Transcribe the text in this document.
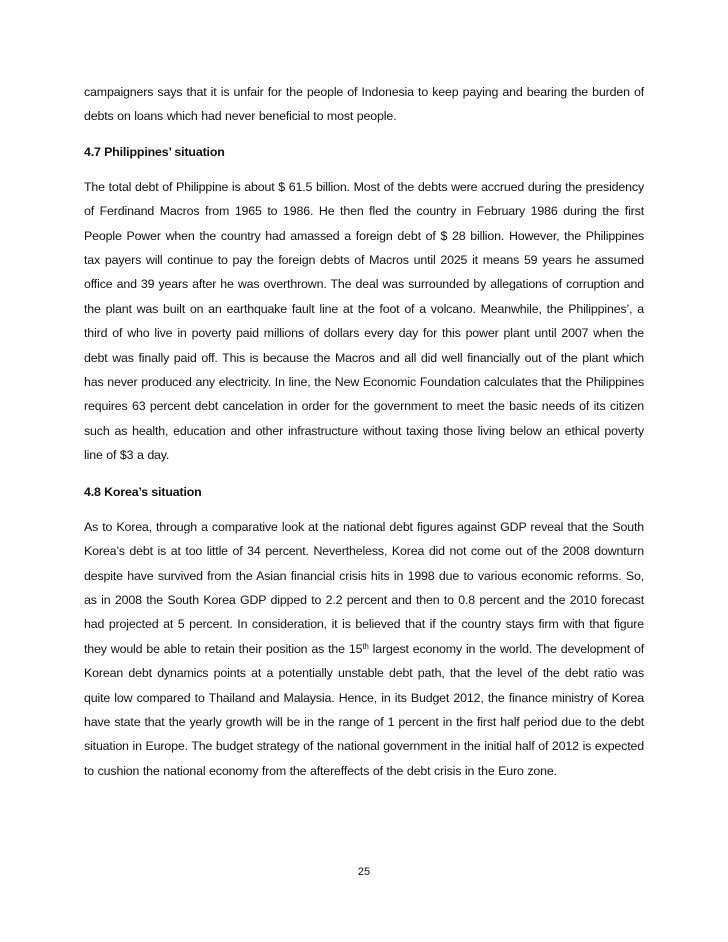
campaigners says that it is unfair for the people of Indonesia to keep paying and bearing the burden of debts on loans which had never beneficial to most people.

4.7 Philippines’ situation

The total debt of Philippine is about $ 61.5 billion. Most of the debts were accrued during the presidency of Ferdinand Macros from 1965 to 1986. He then fled the country in February 1986 during the first People Power when the country had amassed a foreign debt of $ 28 billion. However, the Philippines tax payers will continue to pay the foreign debts of Macros until 2025 it means 59 years he assumed office and 39 years after he was overthrown. The deal was surrounded by allegations of corruption and the plant was built on an earthquake fault line at the foot of a volcano. Meanwhile, the Philippines’, a third of who live in poverty paid millions of dollars every day for this power plant until 2007 when the debt was finally paid off. This is because the Macros and all did well financially out of the plant which has never produced any electricity. In line, the New Economic Foundation calculates that the Philippines requires 63 percent debt cancelation in order for the government to meet the basic needs of its citizen such as health, education and other infrastructure without taxing those living below an ethical poverty line of $3 a day.

4.8 Korea’s situation

As to Korea, through a comparative look at the national debt figures against GDP reveal that the South Korea’s debt is at too little of 34 percent. Nevertheless, Korea did not come out of the 2008 downturn despite have survived from the Asian financial crisis hits in 1998 due to various economic reforms. So, as in 2008 the South Korea GDP dipped to 2.2 percent and then to 0.8 percent and the 2010 forecast had projected at 5 percent. In consideration, it is believed that if the country stays firm with that figure they would be able to retain their position as the 15th largest economy in the world. The development of Korean debt dynamics points at a potentially unstable debt path, that the level of the debt ratio was quite low compared to Thailand and Malaysia. Hence, in its Budget 2012, the finance ministry of Korea have state that the yearly growth will be in the range of 1 percent in the first half period due to the debt situation in Europe. The budget strategy of the national government in the initial half of 2012 is expected to cushion the national economy from the aftereffects of the debt crisis in the Euro zone.

25
